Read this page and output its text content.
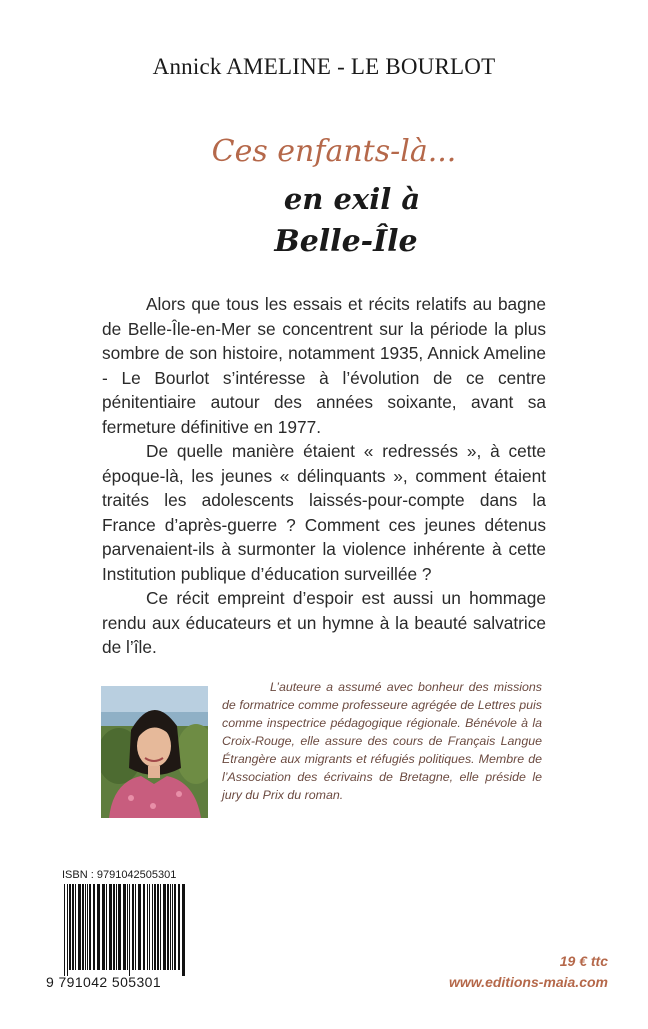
Annick AMELINE - LE BOURLOT
Ces enfants-là...
en exil à
Belle-Île

Alors que tous les essais et récits relatifs au bagne de Belle-Île-en-Mer se concentrent sur la période la plus sombre de son histoire, notamment 1935, Annick Ameline - Le Bourlot s’intéresse à l’évolution de ce centre pénitentiaire autour des années soixante, avant sa fermeture définitive en 1977.

De quelle manière étaient « redressés », à cette époque-là, les jeunes « délinquants », comment étaient traités les adolescents laissés-pour-compte dans la France d’après-guerre ? Comment ces jeunes détenus parvenaient-ils à surmonter la violence inhérente à cette Institution publique d’éducation surveillée ?

Ce récit empreint d’espoir est aussi un hommage rendu aux éducateurs et un hymne à la beauté salvatrice de l’île.

L’auteure a assumé avec bonheur des missions de formatrice comme professeure agrégée de Lettres puis comme inspectrice pédagogique régionale. Bénévole à la Croix-Rouge, elle assure des cours de Français Langue Étrangère aux migrants et réfugiés politiques. Membre de l’Association des écrivains de Bretagne, elle préside le jury du Prix du roman.
ISBN : 9791042505301
9 791042 505301
19 € ttc
www.editions-maia.com
